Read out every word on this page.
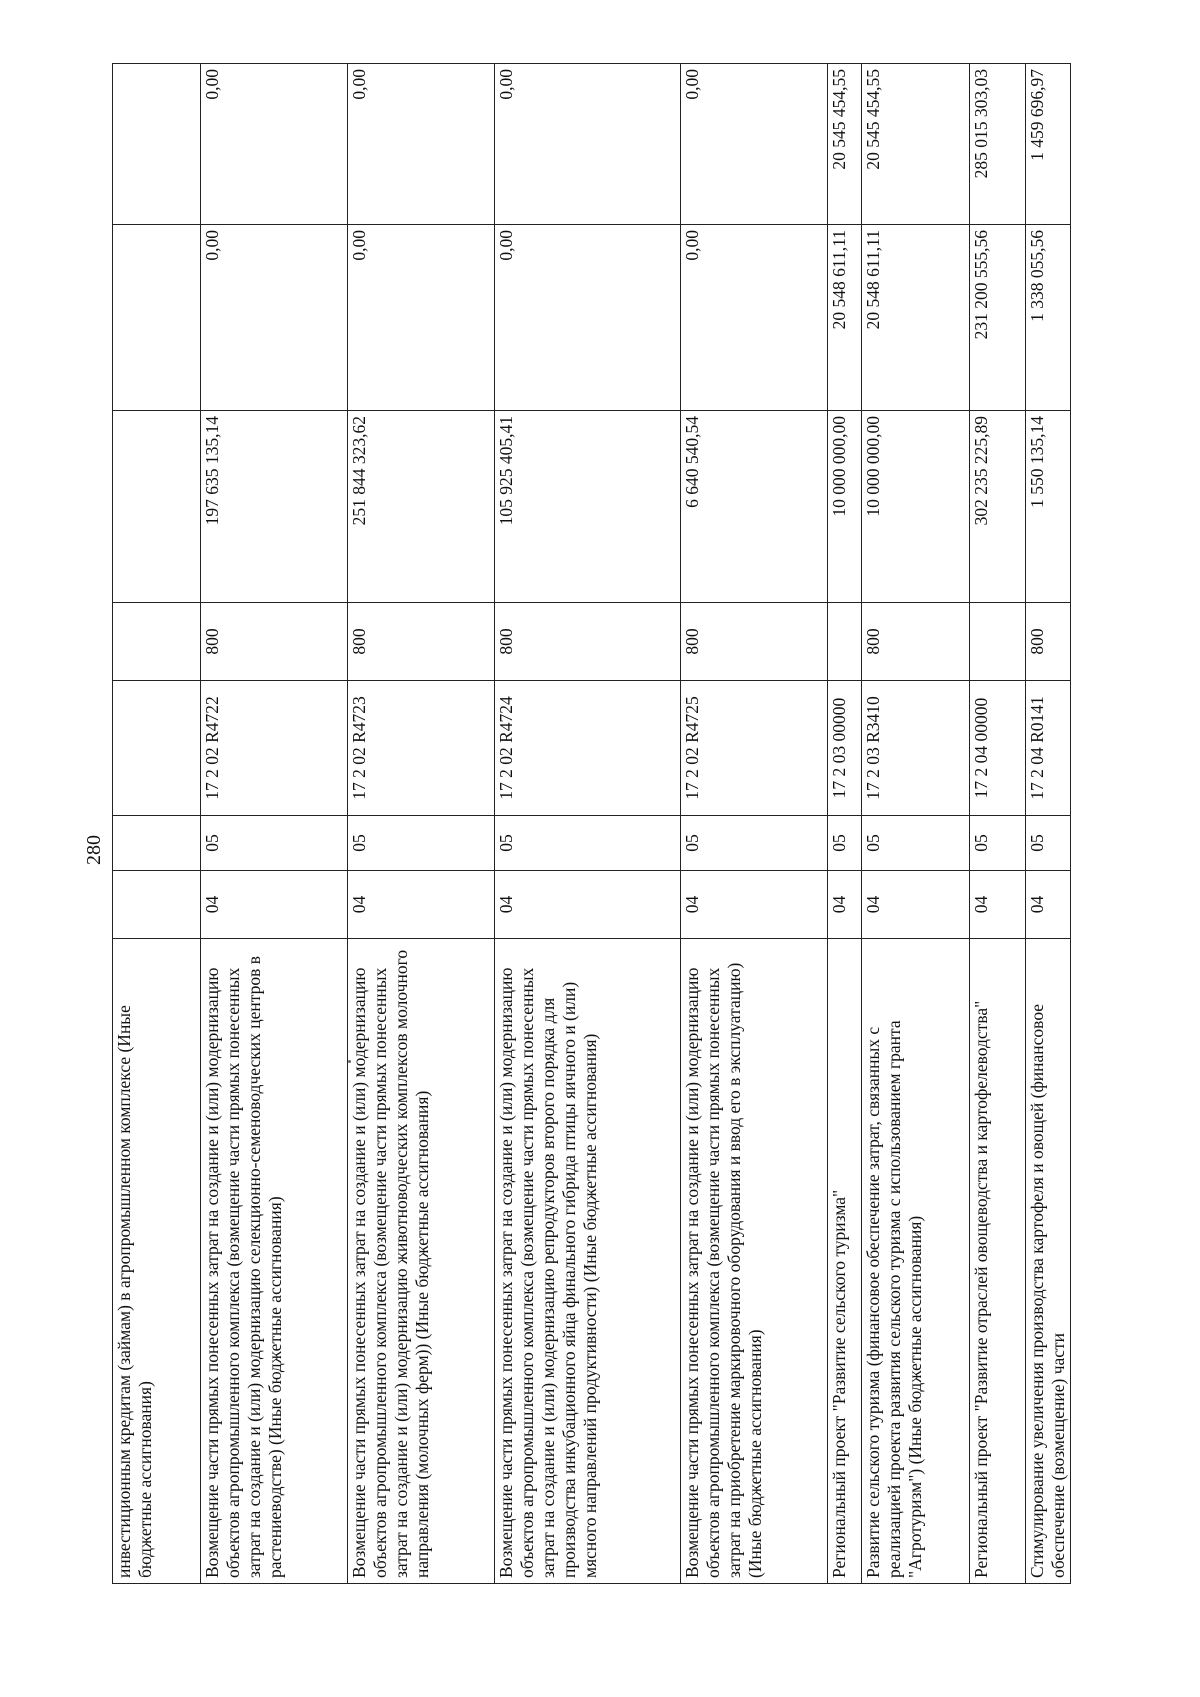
280
инвестиционным кредитам (займам) в агропромышленном комплексе (Иные бюджетные ассигнования)							
Возмещение части прямых понесенных затрат на создание и (или) модернизацию объектов агропромышленного комплекса (возмещение части прямых понесенных затрат на создание и (или) модернизацию селекционно-семеноводческих центров в растениеводстве) (Иные бюджетные ассигнования)	04	05	17 2 02 R4722	800	197 635 135,14	0,00	0,00
Возмещение части прямых понесенных затрат на создание и (или) модернизацию объектов агропромышленного комплекса (возмещение части прямых понесенных затрат на создание и (или) модернизацию животноводческих комплексов молочного направления (молочных ферм)) (Иные бюджетные ассигнования)	04	05	17 2 02 R4723	800	251 844 323,62	0,00	0,00
Возмещение части прямых понесенных затрат на создание и (или) модернизацию объектов агропромышленного комплекса (возмещение части прямых понесенных затрат на создание и (или) модернизацию репродукторов второго порядка для производства инкубационного яйца финального гибрида птицы яичного и (или) мясного направлений продуктивности) (Иные бюджетные ассигнования)	04	05	17 2 02 R4724	800	105 925 405,41	0,00	0,00
Возмещение части прямых понесенных затрат на создание и (или) модернизацию объектов агропромышленного комплекса (возмещение части прямых понесенных затрат на приобретение маркировочного оборудования и ввод его в эксплуатацию) (Иные бюджетные ассигнования)	04	05	17 2 02 R4725	800	6 640 540,54	0,00	0,00
Региональный проект "Развитие сельского туризма"	04	05	17 2 03 00000		10 000 000,00	20 548 611,11	20 545 454,55
Развитие сельского туризма (финансовое обеспечение затрат, связанных с реализацией проекта развития сельского туризма с использованием гранта "Агротуризм") (Иные бюджетные ассигнования)	04	05	17 2 03 R3410	800	10 000 000,00	20 548 611,11	20 545 454,55
Региональный проект "Развитие отраслей овощеводства и картофелеводства"	04	05	17 2 04 00000		302 235 225,89	231 200 555,56	285 015 303,03
Стимулирование увеличения производства картофеля и овощей (финансовое обеспечение (возмещение) части	04	05	17 2 04 R0141	800	1 550 135,14	1 338 055,56	1 459 696,97
